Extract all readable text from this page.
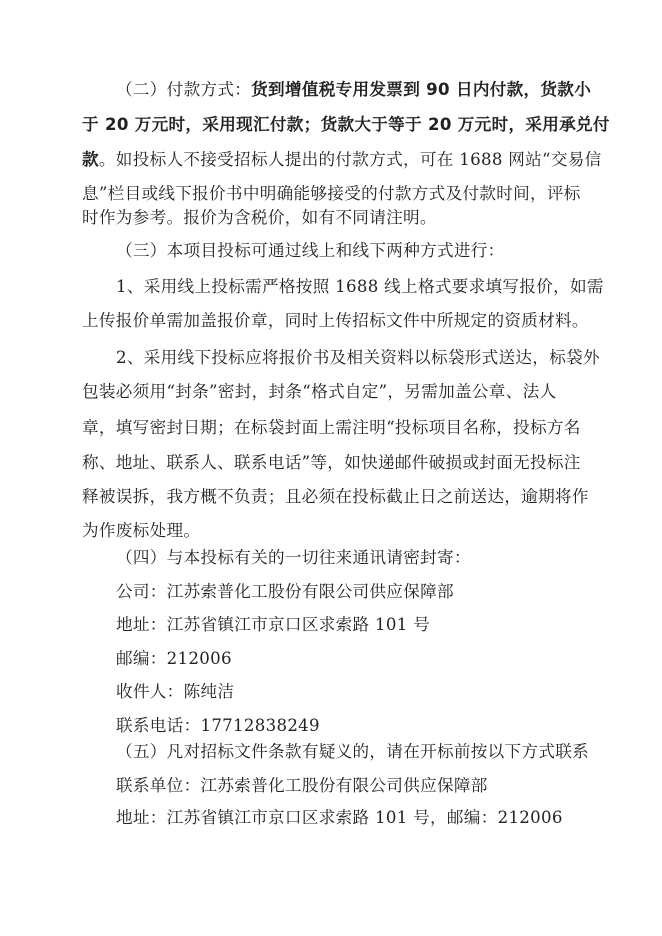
（二）付款方式：货到增值税专用发票到 90 日内付款，货款小
于 20 万元时，采用现汇付款；货款大于等于 20 万元时，采用承兑付
款。如投标人不接受招标人提出的付款方式，可在 1688 网站“交易信
息”栏目或线下报价书中明确能够接受的付款方式及付款时间，评标
时作为参考。报价为含税价，如有不同请注明。
（三）本项目投标可通过线上和线下两种方式进行：
1、采用线上投标需严格按照 1688 线上格式要求填写报价，如需
上传报价单需加盖报价章，同时上传招标文件中所规定的资质材料。
2、采用线下投标应将报价书及相关资料以标袋形式送达，标袋外
包装必须用“封条”密封，封条“格式自定”，另需加盖公章、法人
章，填写密封日期；在标袋封面上需注明“投标项目名称，投标方名
称、地址、联系人、联系电话”等，如快递邮件破损或封面无投标注
释被误拆，我方概不负责；且必须在投标截止日之前送达，逾期将作
为作废标处理。
（四）与本投标有关的一切往来通讯请密封寄：
公司：江苏索普化工股份有限公司供应保障部
地址：江苏省镇江市京口区求索路 101 号
邮编：212006
收件人：陈纯洁
联系电话：17712838249
（五）凡对招标文件条款有疑义的，请在开标前按以下方式联系
联系单位：江苏索普化工股份有限公司供应保障部
地址：江苏省镇江市京口区求索路 101 号，邮编：212006
